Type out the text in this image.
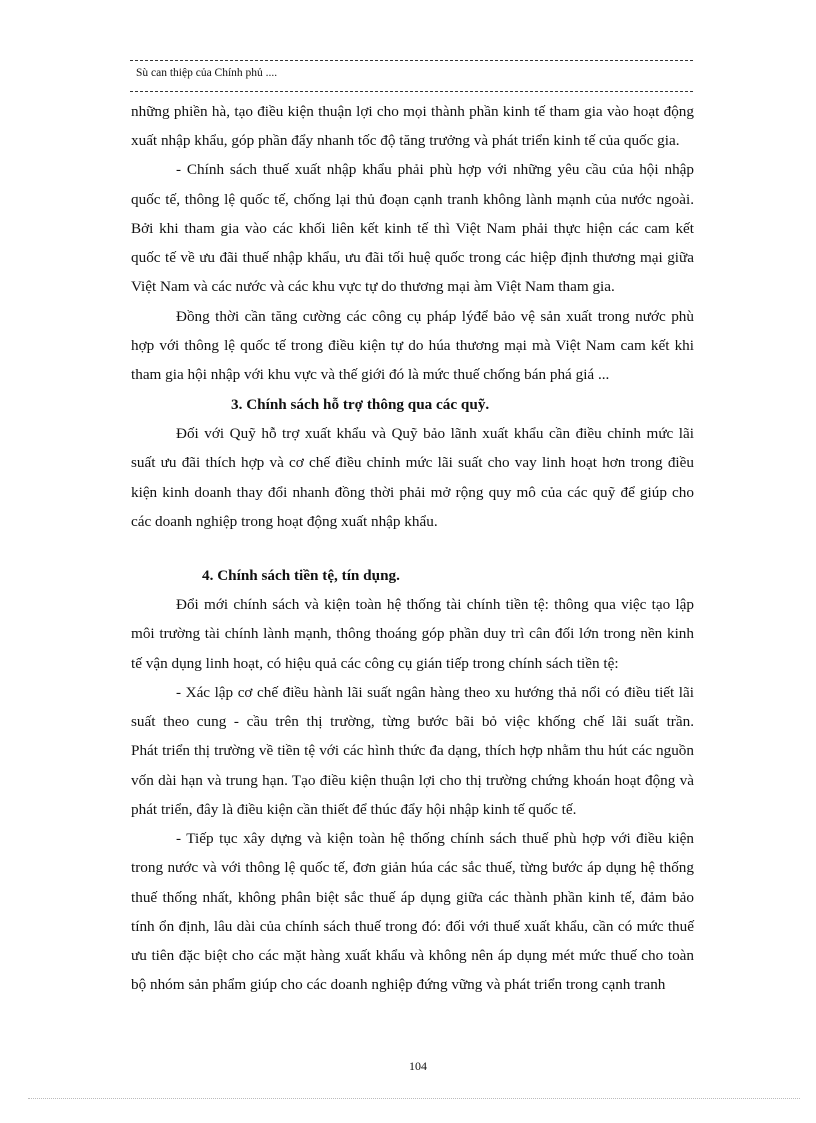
Sù can thiệp của Chính phủ ....
những phiền hà, tạo điều kiện thuận lợi cho mọi thành phần kinh tế tham gia vào hoạt động
xuất nhập khẩu, góp phần đẩy nhanh tốc độ tăng trưởng và phát triển kinh tế của quốc gia.
- Chính sách thuế xuất nhập khẩu phải phù hợp với những yêu cầu của hội nhập
quốc tế, thông lệ quốc tế, chống lại thủ đoạn cạnh tranh không lành mạnh của nước ngoài.
Bởi khi tham gia vào các khối liên kết kinh tế thì Việt Nam phải thực hiện các cam kết
quốc tế về ưu đãi thuế nhập khẩu, ưu đãi tối huệ quốc trong các hiệp định thương mại giữa
Việt Nam và các nước và các khu vực tự do thương mại àm Việt Nam tham gia.
Đồng thời cần tăng cường các công cụ pháp lýđể bảo vệ sản xuất trong nước phù
hợp với thông lệ quốc tế trong điều kiện tự do húa thương mại mà Việt Nam cam kết khi
tham gia hội nhập với khu vực và thế giới đó là mức thuế chống bán phá giá ...
3. Chính sách hỗ trợ thông qua các quỹ.
Đối với Quỹ hỗ trợ xuất khẩu và Quỹ bảo lãnh xuất khẩu cần điều chỉnh mức lãi
suất ưu đãi thích hợp và cơ chế điều chỉnh mức lãi suất cho vay linh hoạt hơn trong điều
kiện kinh doanh thay đổi nhanh đồng thời phải mở rộng quy mô của các quỹ để giúp cho
các doanh nghiệp trong hoạt động xuất nhập khẩu.
4. Chính sách tiền tệ, tín dụng.
Đổi mới chính sách và kiện toàn hệ thống tài chính tiền tệ: thông qua việc tạo lập
môi trường tài chính lành mạnh, thông thoáng góp phần duy trì cân đối lớn trong nền kinh
tế vận dụng linh hoạt, có hiệu quả các công cụ gián tiếp trong chính sách tiền tệ:
- Xác lập cơ chế điều hành lãi suất ngân hàng theo xu hướng thả nổi có điều tiết lãi
suất theo cung - cầu trên thị trường, từng bước bãi bỏ việc khống chế lãi suất trần.
Phát triển thị trường về tiền tệ với các hình thức đa dạng, thích hợp nhằm thu hút các nguồn
vốn dài hạn và trung hạn. Tạo điều kiện thuận lợi cho thị trường chứng khoán hoạt động và
phát triển, đây là điều kiện cần thiết để thúc đẩy hội nhập kinh tế quốc tế.
- Tiếp tục xây dựng và kiện toàn hệ thống chính sách thuế phù hợp với điều kiện
trong nước và với thông lệ quốc tế, đơn giản húa các sắc thuế, từng bước áp dụng hệ thống
thuế thống nhất, không phân biệt sắc thuế áp dụng giữa các thành phần kinh tế, đảm bảo
tính ổn định, lâu dài của chính sách thuế trong đó: đối với thuế xuất khẩu, cần có mức thuế
ưu tiên đặc biệt cho các mặt hàng xuất khẩu và không nên áp dụng mét mức thuế cho toàn
bộ nhóm sản phẩm giúp cho các doanh nghiệp đứng vững và phát triển trong cạnh tranh
104
